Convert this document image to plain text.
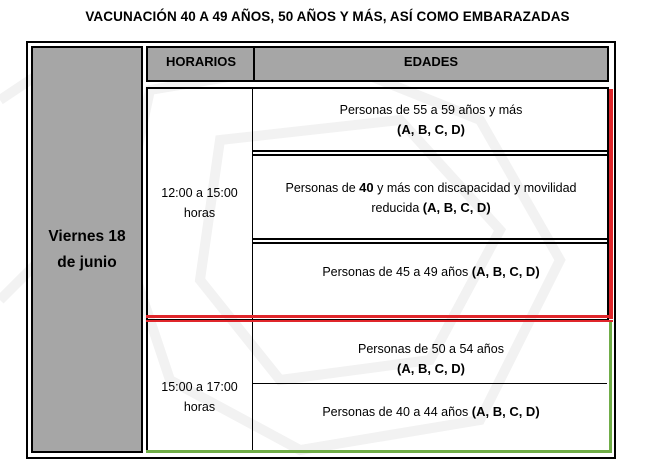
VACUNACIÓN 40 A 49 AÑOS, 50 AÑOS Y MÁS, ASÍ COMO EMBARAZADAS
Viernes 18
de junio
HORARIOS	EDADES
12:00 a 15:00
horas
Personas de 55 a 59 años y más
(A, B, C, D)
Personas de 40 y más con discapacidad y movilidad
reducida (A, B, C, D)
Personas de 45 a 49 años (A, B, C, D)
15:00 a 17:00
horas
Personas de 50 a 54 años
(A, B, C, D)
Personas de 40 a 44 años (A, B, C, D)
